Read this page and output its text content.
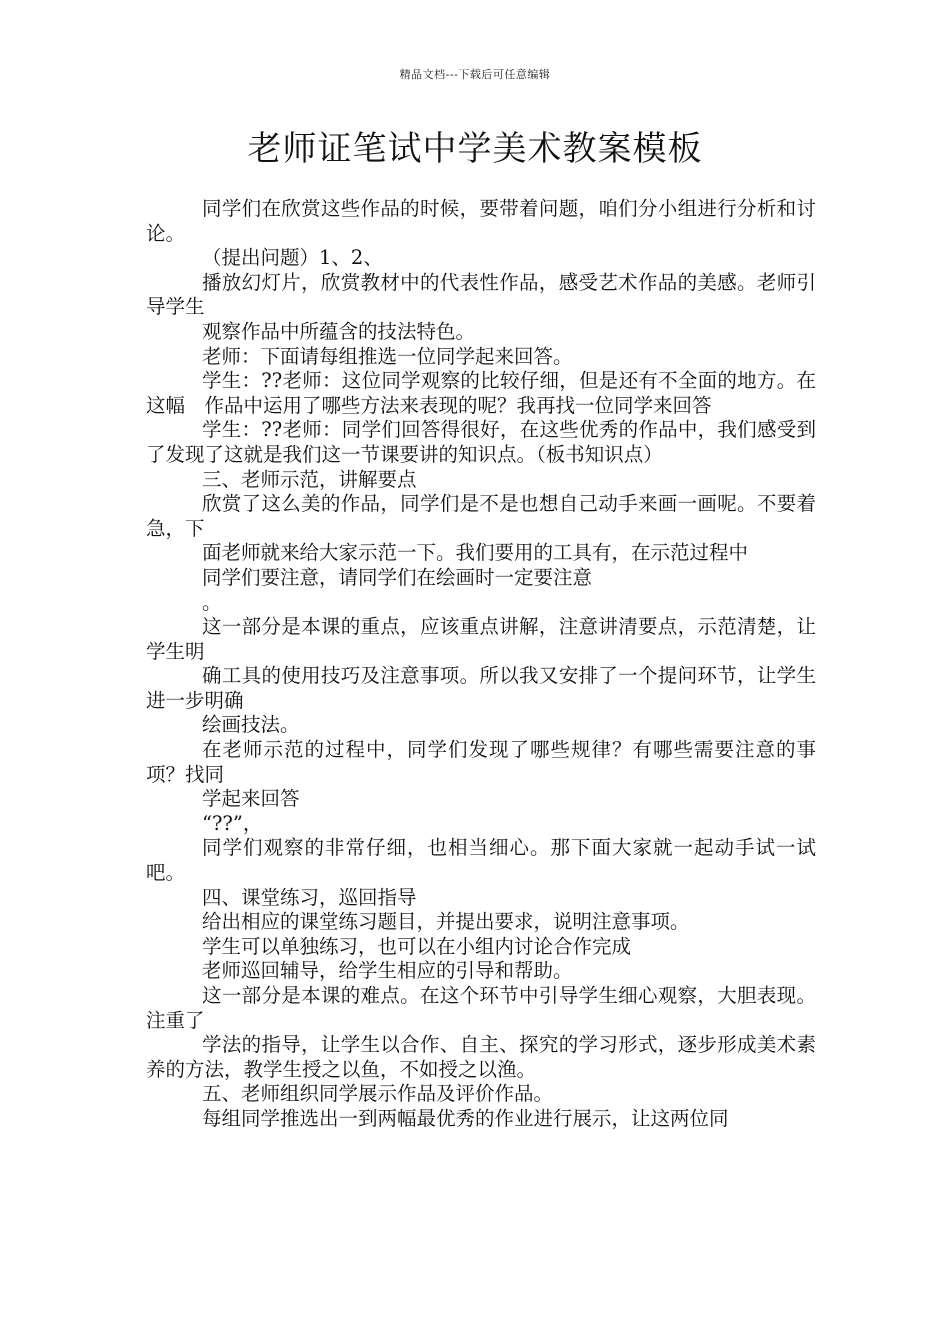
精品文档---下载后可任意编辑
老师证笔试中学美术教案模板

同学们在欣赏这些作品的时候，要带着问题，咱们分小组进行分析和讨论。

（提出问题）1、2、

播放幻灯片，欣赏教材中的代表性作品，感受艺术作品的美感。老师引导学生

观察作品中所蕴含的技法特色。

老师：下面请每组推选一位同学起来回答。

学生：??老师：这位同学观察的比较仔细，但是还有不全面的地方。在这幅　作品中运用了哪些方法来表现的呢？我再找一位同学来回答

学生：??老师：同学们回答得很好，在这些优秀的作品中，我们感受到了发现了这就是我们这一节课要讲的知识点。（板书知识点）

三、老师示范，讲解要点

欣赏了这么美的作品，同学们是不是也想自己动手来画一画呢。不要着急，下

面老师就来给大家示范一下。我们要用的工具有，在示范过程中

同学们要注意，请同学们在绘画时一定要注意

。

这一部分是本课的重点，应该重点讲解，注意讲清要点，示范清楚，让学生明

确工具的使用技巧及注意事项。所以我又安排了一个提问环节，让学生进一步明确

绘画技法。

在老师示范的过程中，同学们发现了哪些规律？有哪些需要注意的事项？找同

学起来回答

“??”，

同学们观察的非常仔细，也相当细心。那下面大家就一起动手试一试吧。

四、课堂练习，巡回指导

给出相应的课堂练习题目，并提出要求，说明注意事项。

学生可以单独练习，也可以在小组内讨论合作完成

老师巡回辅导，给学生相应的引导和帮助。

这一部分是本课的难点。在这个环节中引导学生细心观察，大胆表现。注重了

学法的指导，让学生以合作、自主、探究的学习形式，逐步形成美术素养的方法，教学生授之以鱼，不如授之以渔。

五、老师组织同学展示作品及评价作品。

每组同学推选出一到两幅最优秀的作业进行展示，让这两位同
